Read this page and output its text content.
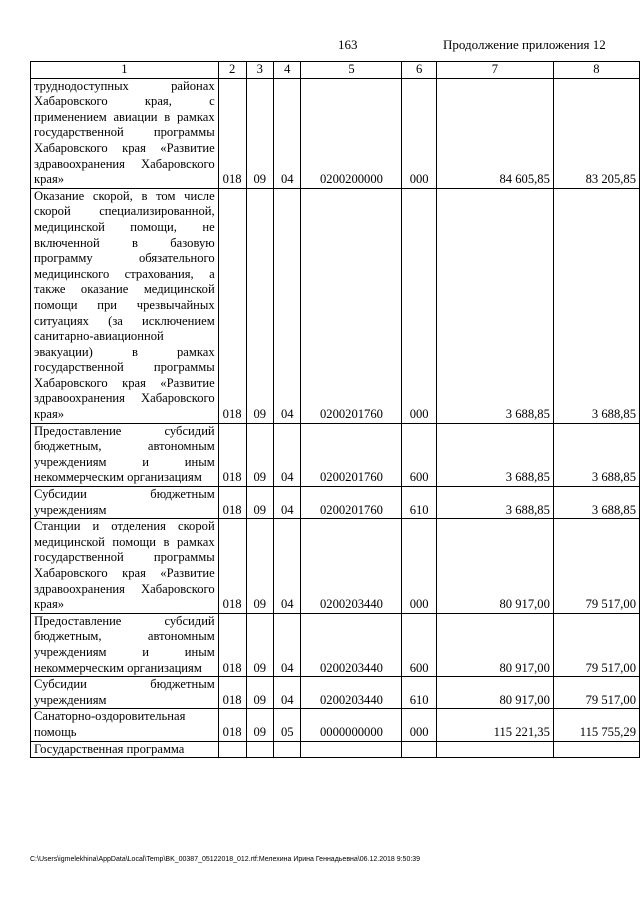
163	Продолжение приложения 12
1	2	3	4	5	6	7	8
труднодоступных районах Хабаровского края, с применением авиации в рамках государственной программы Хабаровского края «Развитие здравоохранения Хабаровского края»	018	09	04	0200200000	000	84 605,85	83 205,85
Оказание скорой, в том числе скорой специализированной, медицинской помощи, не включенной в базовую программу обязательного медицинского страхования, а также оказание медицинской помощи при чрезвычайных ситуациях (за исключением санитарно-авиационной эвакуации) в рамках государственной программы Хабаровского края «Развитие здравоохранения Хабаровского края»	018	09	04	0200201760	000	3 688,85	3 688,85
Предоставление субсидий бюджетным, автономным учреждениям и иным некоммерческим организациям	018	09	04	0200201760	600	3 688,85	3 688,85
Субсидии бюджетным учреждениям	018	09	04	0200201760	610	3 688,85	3 688,85
Станции и отделения скорой медицинской помощи в рамках государственной программы Хабаровского края «Развитие здравоохранения Хабаровского края»	018	09	04	0200203440	000	80 917,00	79 517,00
Предоставление субсидий бюджетным, автономным учреждениям и иным некоммерческим организациям	018	09	04	0200203440	600	80 917,00	79 517,00
Субсидии бюджетным учреждениям	018	09	04	0200203440	610	80 917,00	79 517,00
Санаторно-оздоровительная помощь	018	09	05	0000000000	000	115 221,35	115 755,29
Государственная программа							
C:\Users\igmelekhina\AppData\Local\Temp\BK_00387_05122018_012.rtf:Мелехина Ирина Геннадьевна\06.12.2018 9:50:39
